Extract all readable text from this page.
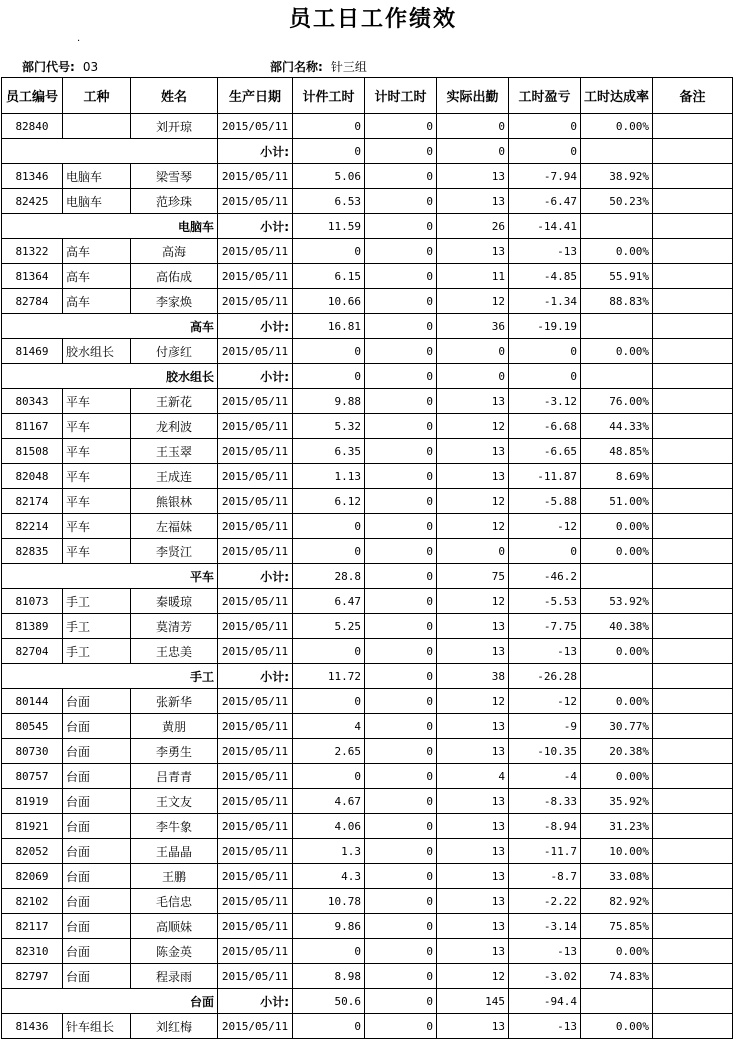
员工日工作绩效
.
部门代号: 03	部门名称: 针三组
员工编号	工种	姓名	生产日期	计件工时	计时工时	实际出勤	工时盈亏	工时达成率	备注
82840		刘开琼	2015/05/11	0	0	0	0	0.00%	
			小计:	0	0	0	0		
81346	电脑车	梁雪琴	2015/05/11	5.06	0	13	-7.94	38.92%	
82425	电脑车	范珍珠	2015/05/11	6.53	0	13	-6.47	50.23%	
电脑车			小计:	11.59	0	26	-14.41		
81322	高车	高海	2015/05/11	0	0	13	-13	0.00%	
81364	高车	高佑成	2015/05/11	6.15	0	11	-4.85	55.91%	
82784	高车	李家焕	2015/05/11	10.66	0	12	-1.34	88.83%	
高车			小计:	16.81	0	36	-19.19		
81469	胶水组长	付彦红	2015/05/11	0	0	0	0	0.00%	
胶水组长			小计:	0	0	0	0		
80343	平车	王新花	2015/05/11	9.88	0	13	-3.12	76.00%	
81167	平车	龙利波	2015/05/11	5.32	0	12	-6.68	44.33%	
81508	平车	王玉翠	2015/05/11	6.35	0	13	-6.65	48.85%	
82048	平车	王成连	2015/05/11	1.13	0	13	-11.87	8.69%	
82174	平车	熊银林	2015/05/11	6.12	0	12	-5.88	51.00%	
82214	平车	左福妹	2015/05/11	0	0	12	-12	0.00%	
82835	平车	李贤江	2015/05/11	0	0	0	0	0.00%	
平车			小计:	28.8	0	75	-46.2		
81073	手工	秦暖琼	2015/05/11	6.47	0	12	-5.53	53.92%	
81389	手工	莫清芳	2015/05/11	5.25	0	13	-7.75	40.38%	
82704	手工	王忠美	2015/05/11	0	0	13	-13	0.00%	
手工			小计:	11.72	0	38	-26.28		
80144	台面	张新华	2015/05/11	0	0	12	-12	0.00%	
80545	台面	黄朋	2015/05/11	4	0	13	-9	30.77%	
80730	台面	李勇生	2015/05/11	2.65	0	13	-10.35	20.38%	
80757	台面	吕青青	2015/05/11	0	0	4	-4	0.00%	
81919	台面	王文友	2015/05/11	4.67	0	13	-8.33	35.92%	
81921	台面	李牛象	2015/05/11	4.06	0	13	-8.94	31.23%	
82052	台面	王晶晶	2015/05/11	1.3	0	13	-11.7	10.00%	
82069	台面	王鹏	2015/05/11	4.3	0	13	-8.7	33.08%	
82102	台面	毛信忠	2015/05/11	10.78	0	13	-2.22	82.92%	
82117	台面	高顺妹	2015/05/11	9.86	0	13	-3.14	75.85%	
82310	台面	陈金英	2015/05/11	0	0	13	-13	0.00%	
82797	台面	程录雨	2015/05/11	8.98	0	12	-3.02	74.83%	
台面			小计:	50.6	0	145	-94.4		
81436	针车组长	刘红梅	2015/05/11	0	0	13	-13	0.00%	
